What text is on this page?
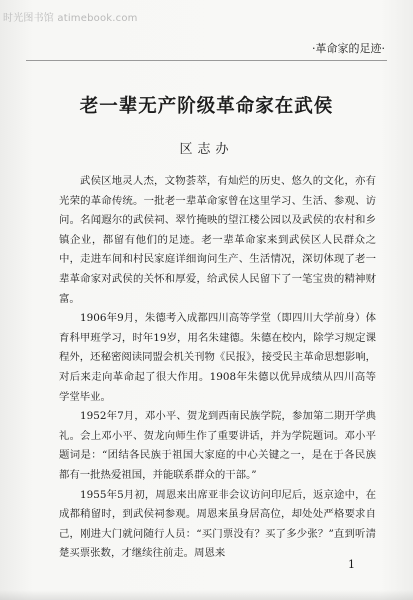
时光图书馆 atimebook.com
·革命家的足迹·
老一辈无产阶级革命家在武侯
区志办

武侯区地灵人杰，文物荟萃，有灿烂的历史、悠久的文化，亦有光荣的革命传统。一批老一辈革命家曾在这里学习、生活、参观、访问。名闻遐尔的武侯祠、翠竹掩映的望江楼公园以及武侯的农村和乡镇企业，都留有他们的足迹。老一辈革命家来到武侯区人民群众之中，走进车间和村民家庭详细询问生产、生活情况，深切体现了老一辈革命家对武侯的关怀和厚爱，给武侯人民留下了一笔宝贵的精神财富。

1906年9月，朱德考入成都四川高等学堂（即四川大学前身）体育科甲班学习，时年19岁，用名朱建德。朱德在校内，除学习规定课程外，还秘密阅读同盟会机关刊物《民报》，接受民主革命思想影响，对后来走向革命起了很大作用。1908年朱德以优异成绩从四川高等学堂毕业。

1952年7月，邓小平、贺龙到西南民族学院，参加第二期开学典礼。会上邓小平、贺龙向师生作了重要讲话，并为学院题词。邓小平题词是：“团结各民族于祖国大家庭的中心关键之一，是在于各民族都有一批热爱祖国，并能联系群众的干部。”

1955年5月初，周恩来出席亚非会议访问印尼后，返京途中，在成都稍留时，到武侯祠参观。周恩来虽身居高位，却处处严格要求自己，刚进大门就问随行人员：“买门票没有？买了多少张？”直到听清楚买票张数，才继续往前走。周恩来

1
